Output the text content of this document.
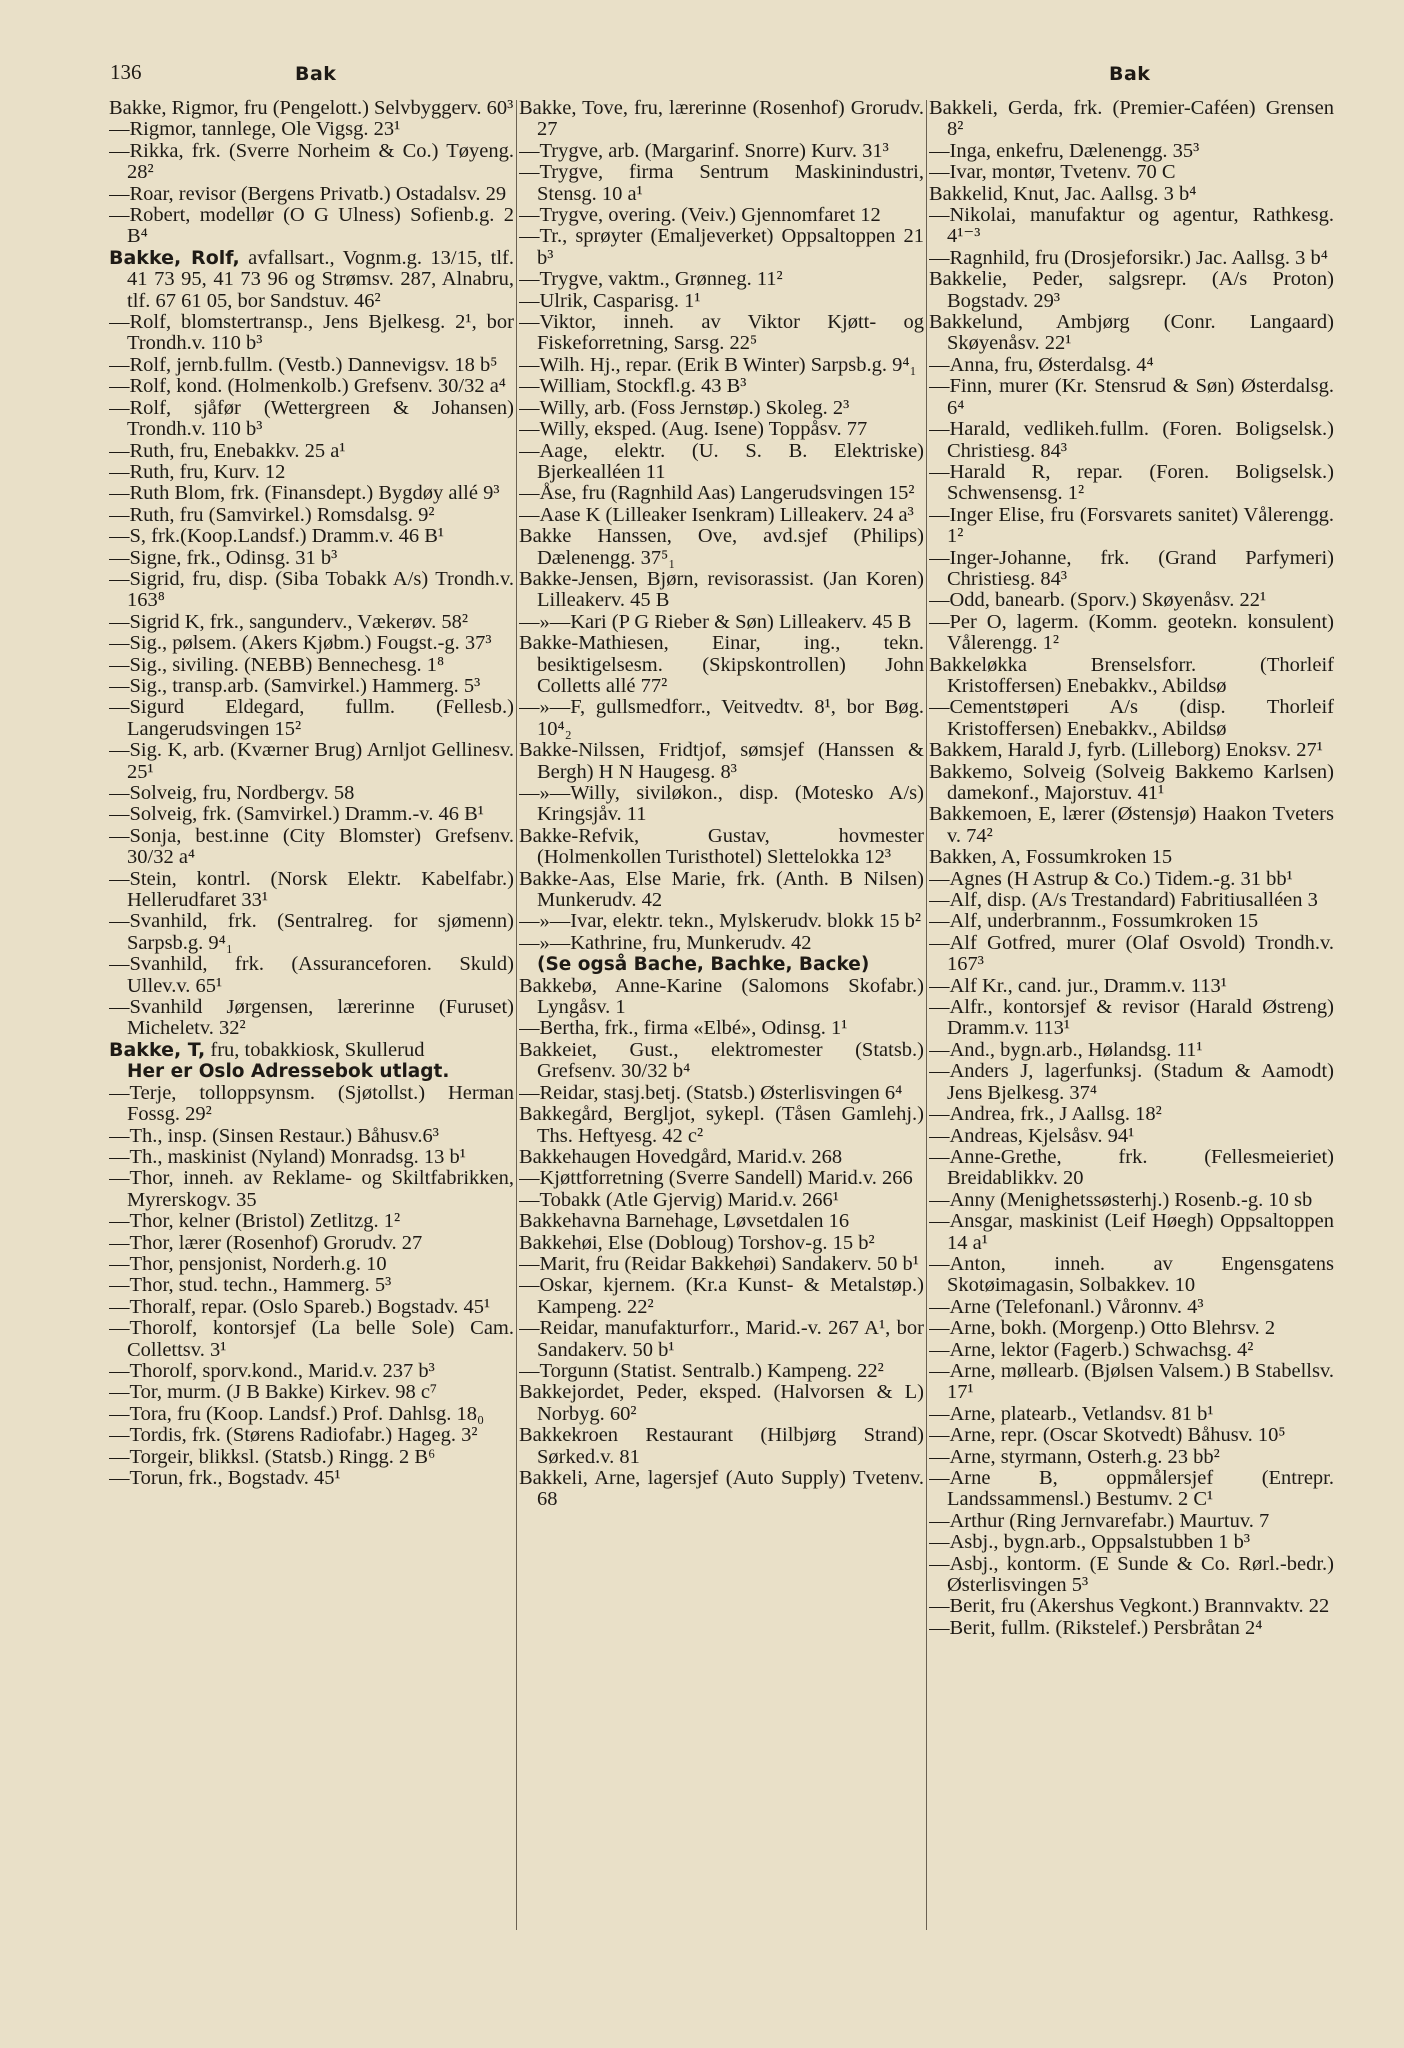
136	Bak	Bak
Bakke, Rigmor, fru (Pengelott.) Selvbyggerv. 60³
—Rigmor, tannlege, Ole Vigsg. 23¹
—Rikka, frk. (Sverre Norheim & Co.) Tøyeng. 28²
—Roar, revisor (Bergens Privatb.) Ostadalsv. 29
—Robert, modellør (O G Ulness) Sofienb.g. 2 B⁴
Bakke, Rolf, avfallsart., Vognm.g. 13/15, tlf. 41 73 95, 41 73 96 og Strømsv. 287, Alnabru, tlf. 67 61 05, bor Sandstuv. 46²
—Rolf, blomstertransp., Jens Bjelkesg. 2¹, bor Trondh.v. 110 b³
—Rolf, jernb.fullm. (Vestb.) Dannevigsv. 18 b⁵
—Rolf, kond. (Holmenkolb.) Grefsenv. 30/32 a⁴
—Rolf, sjåfør (Wettergreen & Johansen) Trondh.v. 110 b³
—Ruth, fru, Enebakkv. 25 a¹
—Ruth, fru, Kurv. 12
—Ruth Blom, frk. (Finansdept.) Bygdøy allé 9³
—Ruth, fru (Samvirkel.) Romsdalsg. 9²
—S, frk.(Koop.Landsf.) Dramm.v. 46 B¹
—Signe, frk., Odinsg. 31 b³
—Sigrid, fru, disp. (Siba Tobakk A/s) Trondh.v. 163⁸
—Sigrid K, frk., sangunderv., Vækerøv. 58²
—Sig., pølsem. (Akers Kjøbm.) Fougst.-g. 37³
—Sig., siviling. (NEBB) Bennechesg. 1⁸
—Sig., transp.arb. (Samvirkel.) Hammerg. 5³
—Sigurd Eldegard, fullm. (Fellesb.) Langerudsvingen 15²
—Sig. K, arb. (Kværner Brug) Arnljot Gellinesv. 25¹
—Solveig, fru, Nordbergv. 58
—Solveig, frk. (Samvirkel.) Dramm.-v. 46 B¹
—Sonja, best.inne (City Blomster) Grefsenv. 30/32 a⁴
—Stein, kontrl. (Norsk Elektr. Kabelfabr.) Hellerudfaret 33¹
—Svanhild, frk. (Sentralreg. for sjømenn) Sarpsb.g. 9⁴₁
—Svanhild, frk. (Assuranceforen. Skuld) Ullev.v. 65¹
—Svanhild Jørgensen, lærerinne (Furuset) Micheletv. 32²
Bakke, T, fru, tobakkiosk, Skullerud
Her er Oslo Adressebok utlagt.
—Terje, tolloppsynsm. (Sjøtollst.) Herman Fossg. 29²
—Th., insp. (Sinsen Restaur.) Båhusv.6³
—Th., maskinist (Nyland) Monradsg. 13 b¹
—Thor, inneh. av Reklame- og Skiltfabrikken, Myrerskogv. 35
—Thor, kelner (Bristol) Zetlitzg. 1²
—Thor, lærer (Rosenhof) Grorudv. 27
—Thor, pensjonist, Norderh.g. 10
—Thor, stud. techn., Hammerg. 5³
—Thoralf, repar. (Oslo Spareb.) Bogstadv. 45¹
—Thorolf, kontorsjef (La belle Sole) Cam. Collettsv. 3¹
—Thorolf, sporv.kond., Marid.v. 237 b³
—Tor, murm. (J B Bakke) Kirkev. 98 c⁷
—Tora, fru (Koop. Landsf.) Prof. Dahlsg. 18₀
—Tordis, frk. (Størens Radiofabr.) Hageg. 3²
—Torgeir, blikksl. (Statsb.) Ringg. 2 B⁶
—Torun, frk., Bogstadv. 45¹
Bakke, Tove, fru, lærerinne (Rosenhof) Grorudv. 27
—Trygve, arb. (Margarinf. Snorre) Kurv. 31³
—Trygve, firma Sentrum Maskinindustri, Stensg. 10 a¹
—Trygve, overing. (Veiv.) Gjennomfaret 12
—Tr., sprøyter (Emaljeverket) Oppsaltoppen 21 b³
—Trygve, vaktm., Grønneg. 11²
—Ulrik, Casparisg. 1¹
—Viktor, inneh. av Viktor Kjøtt- og Fiskeforretning, Sarsg. 22⁵
—Wilh. Hj., repar. (Erik B Winter) Sarpsb.g. 9⁴₁
—William, Stockfl.g. 43 B³
—Willy, arb. (Foss Jernstøp.) Skoleg. 2³
—Willy, eksped. (Aug. Isene) Toppåsv. 77
—Aage, elektr. (U. S. B. Elektriske) Bjerkealléen 11
—Åse, fru (Ragnhild Aas) Langerudsvingen 15²
—Aase K (Lilleaker Isenkram) Lilleakerv. 24 a³
Bakke Hanssen, Ove, avd.sjef (Philips) Dælenengg. 37⁵₁
Bakke-Jensen, Bjørn, revisorassist. (Jan Koren) Lilleakerv. 45 B
—»—Kari (P G Rieber & Søn) Lilleakerv. 45 B
Bakke-Mathiesen, Einar, ing., tekn. besiktigelsesm. (Skipskontrollen) John Colletts allé 77²
—»—F, gullsmedforr., Veitvedtv. 8¹, bor Bøg. 10⁴₂
Bakke-Nilssen, Fridtjof, sømsjef (Hanssen & Bergh) H N Haugesg. 8³
—»—Willy, siviløkon., disp. (Motesko A/s) Kringsjåv. 11
Bakke-Refvik, Gustav, hovmester (Holmenkollen Turisthotel) Slettelokka 12³
Bakke-Aas, Else Marie, frk. (Anth. B Nilsen) Munkerudv. 42
—»—Ivar, elektr. tekn., Mylskerudv. blokk 15 b²
—»—Kathrine, fru, Munkerudv. 42
(Se også Bache, Bachke, Backe)
Bakkebø, Anne-Karine (Salomons Skofabr.) Lyngåsv. 1
—Bertha, frk., firma «Elbé», Odinsg. 1¹
Bakkeiet, Gust., elektromester (Statsb.) Grefsenv. 30/32 b⁴
—Reidar, stasj.betj. (Statsb.) Østerlisvingen 6⁴
Bakkegård, Bergljot, sykepl. (Tåsen Gamlehj.) Ths. Heftyesg. 42 c²
Bakkehaugen Hovedgård, Marid.v. 268
—Kjøttforretning (Sverre Sandell) Marid.v. 266
—Tobakk (Atle Gjervig) Marid.v. 266¹
Bakkehavna Barnehage, Løvsetdalen 16
Bakkehøi, Else (Dobloug) Torshov-g. 15 b²
—Marit, fru (Reidar Bakkehøi) Sandakerv. 50 b¹
—Oskar, kjernem. (Kr.a Kunst- & Metalstøp.) Kampeng. 22²
—Reidar, manufakturforr., Marid.-v. 267 A¹, bor Sandakerv. 50 b¹
—Torgunn (Statist. Sentralb.) Kampeng. 22²
Bakkejordet, Peder, eksped. (Halvorsen & L) Norbyg. 60²
Bakkekroen Restaurant (Hilbjørg Strand) Sørked.v. 81
Bakkeli, Arne, lagersjef (Auto Supply) Tvetenv. 68
Bakkeli, Gerda, frk. (Premier-Caféen) Grensen 8²
—Inga, enkefru, Dælenengg. 35³
—Ivar, montør, Tvetenv. 70 C
Bakkelid, Knut, Jac. Aallsg. 3 b⁴
—Nikolai, manufaktur og agentur, Rathkesg. 4¹⁻³
—Ragnhild, fru (Drosjeforsikr.) Jac. Aallsg. 3 b⁴
Bakkelie, Peder, salgsrepr. (A/s Proton) Bogstadv. 29³
Bakkelund, Ambjørg (Conr. Langaard) Skøyenåsv. 22¹
—Anna, fru, Østerdalsg. 4⁴
—Finn, murer (Kr. Stensrud & Søn) Østerdalsg. 6⁴
—Harald, vedlikeh.fullm. (Foren. Boligselsk.) Christiesg. 84³
—Harald R, repar. (Foren. Boligselsk.) Schwensensg. 1²
—Inger Elise, fru (Forsvarets sanitet) Vålerengg. 1²
—Inger-Johanne, frk. (Grand Parfymeri) Christiesg. 84³
—Odd, banearb. (Sporv.) Skøyenåsv. 22¹
—Per O, lagerm. (Komm. geotekn. konsulent) Vålerengg. 1²
Bakkeløkka Brenselsforr. (Thorleif Kristoffersen) Enebakkv., Abildsø
—Cementstøperi A/s (disp. Thorleif Kristoffersen) Enebakkv., Abildsø
Bakkem, Harald J, fyrb. (Lilleborg) Enoksv. 27¹
Bakkemo, Solveig (Solveig Bakkemo Karlsen) damekonf., Majorstuv. 41¹
Bakkemoen, E, lærer (Østensjø) Haakon Tveters v. 74²
Bakken, A, Fossumkroken 15
—Agnes (H Astrup & Co.) Tidem.-g. 31 bb¹
—Alf, disp. (A/s Trestandard) Fabritiusalléen 3
—Alf, underbrannm., Fossumkroken 15
—Alf Gotfred, murer (Olaf Osvold) Trondh.v. 167³
—Alf Kr., cand. jur., Dramm.v. 113¹
—Alfr., kontorsjef & revisor (Harald Østreng) Dramm.v. 113¹
—And., bygn.arb., Hølandsg. 11¹
—Anders J, lagerfunksj. (Stadum & Aamodt) Jens Bjelkesg. 37⁴
—Andrea, frk., J Aallsg. 18²
—Andreas, Kjelsåsv. 94¹
—Anne-Grethe, frk. (Fellesmeieriet) Breidablikkv. 20
—Anny (Menighetssøsterhj.) Rosenb.-g. 10 sb
—Ansgar, maskinist (Leif Høegh) Oppsaltoppen 14 a¹
—Anton, inneh. av Engensgatens Skotøimagasin, Solbakkev. 10
—Arne (Telefonanl.) Våronnv. 4³
—Arne, bokh. (Morgenp.) Otto Blehrsv. 2
—Arne, lektor (Fagerb.) Schwachsg. 4²
—Arne, møllearb. (Bjølsen Valsem.) B Stabellsv. 17¹
—Arne, platearb., Vetlandsv. 81 b¹
—Arne, repr. (Oscar Skotvedt) Båhusv. 10⁵
—Arne, styrmann, Osterh.g. 23 bb²
—Arne B, oppmålersjef (Entrepr. Landssammensl.) Bestumv. 2 C¹
—Arthur (Ring Jernvarefabr.) Maurtuv. 7
—Asbj., bygn.arb., Oppsalstubben 1 b³
—Asbj., kontorm. (E Sunde & Co. Rørl.-bedr.) Østerlisvingen 5³
—Berit, fru (Akershus Vegkont.) Brannvaktv. 22
—Berit, fullm. (Rikstelef.) Persbråtan 2⁴
